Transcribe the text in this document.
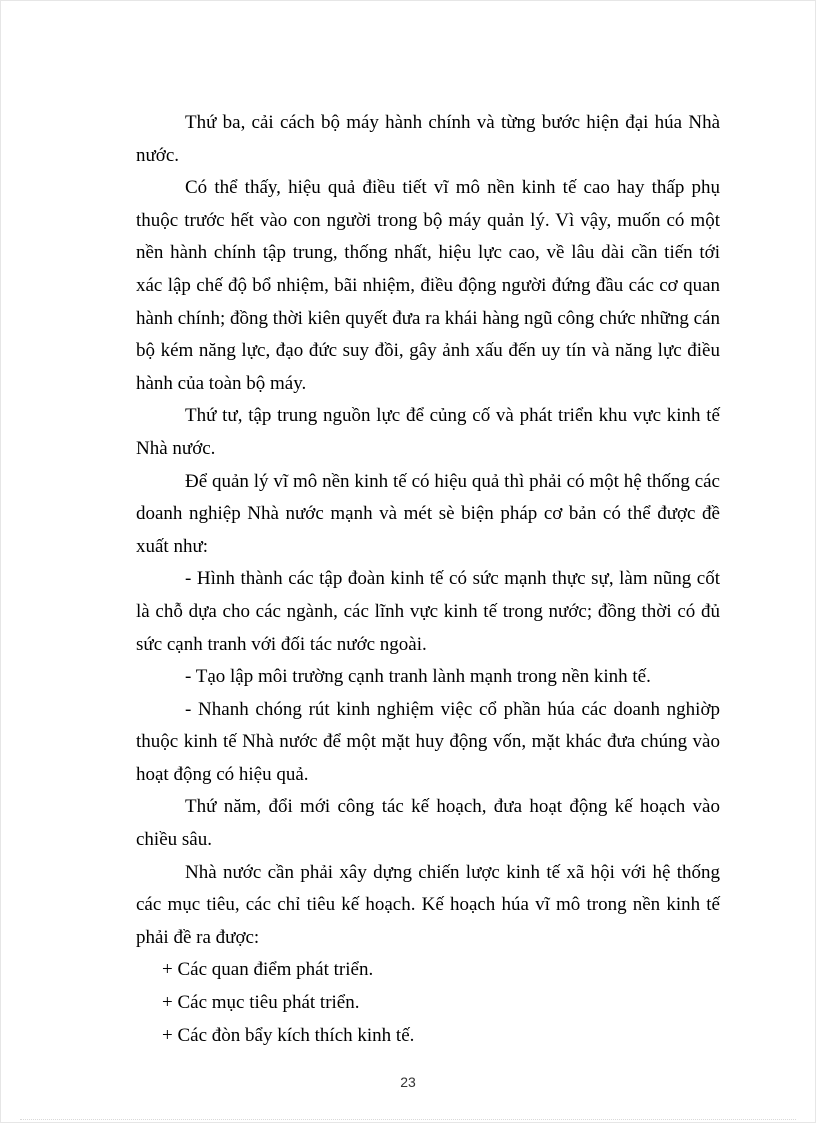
Thứ ba, cải cách bộ máy hành chính và từng bước hiện đại húa Nhà nước.

Có thể thấy, hiệu quả điều tiết vĩ mô nền kinh tế cao hay thấp phụ thuộc trước hết vào con người trong bộ máy quản lý. Vì vậy, muốn có một nền hành chính tập trung, thống nhất, hiệu lực cao, về lâu dài cần tiến tới xác lập chế độ bổ nhiệm, bãi nhiệm, điều động người đứng đầu các cơ quan hành chính; đồng thời kiên quyết đưa ra khái hàng ngũ công chức những cán bộ kém năng lực, đạo đức suy đồi, gây ảnh xấu đến uy tín và năng lực điều hành của toàn bộ máy.

Thứ tư, tập trung nguồn lực để củng cố và phát triển khu vực kinh tế Nhà nước.

Để quản lý vĩ mô nền kinh tế có hiệu quả thì phải có một hệ thống các doanh nghiệp Nhà nước mạnh và mét sè biện pháp cơ bản có thể được đề xuất như:

- Hình thành các tập đoàn kinh tế có sức mạnh thực sự, làm nũng cốt là chỗ dựa cho các ngành, các lĩnh vực kinh tế trong nước; đồng thời có đủ sức cạnh tranh với đối tác nước ngoài.

- Tạo lập môi trường cạnh tranh lành mạnh trong nền kinh tế.

- Nhanh chóng rút kinh nghiệm việc cổ phần húa các doanh nghiờp thuộc kinh tế Nhà nước để một mặt huy động vốn, mặt khác đưa chúng vào hoạt động có hiệu quả.

Thứ năm, đổi mới công tác kế hoạch, đưa hoạt động kế hoạch vào chiều sâu.

Nhà nước cần phải xây dựng chiến lược kinh tế xã hội với hệ thống các mục tiêu, các chỉ tiêu kế hoạch. Kế hoạch húa vĩ mô trong nền kinh tế phải đề ra được:

+ Các quan điểm phát triển.

+ Các mục tiêu phát triển.

+ Các đòn bẩy kích thích kinh tế.

23
